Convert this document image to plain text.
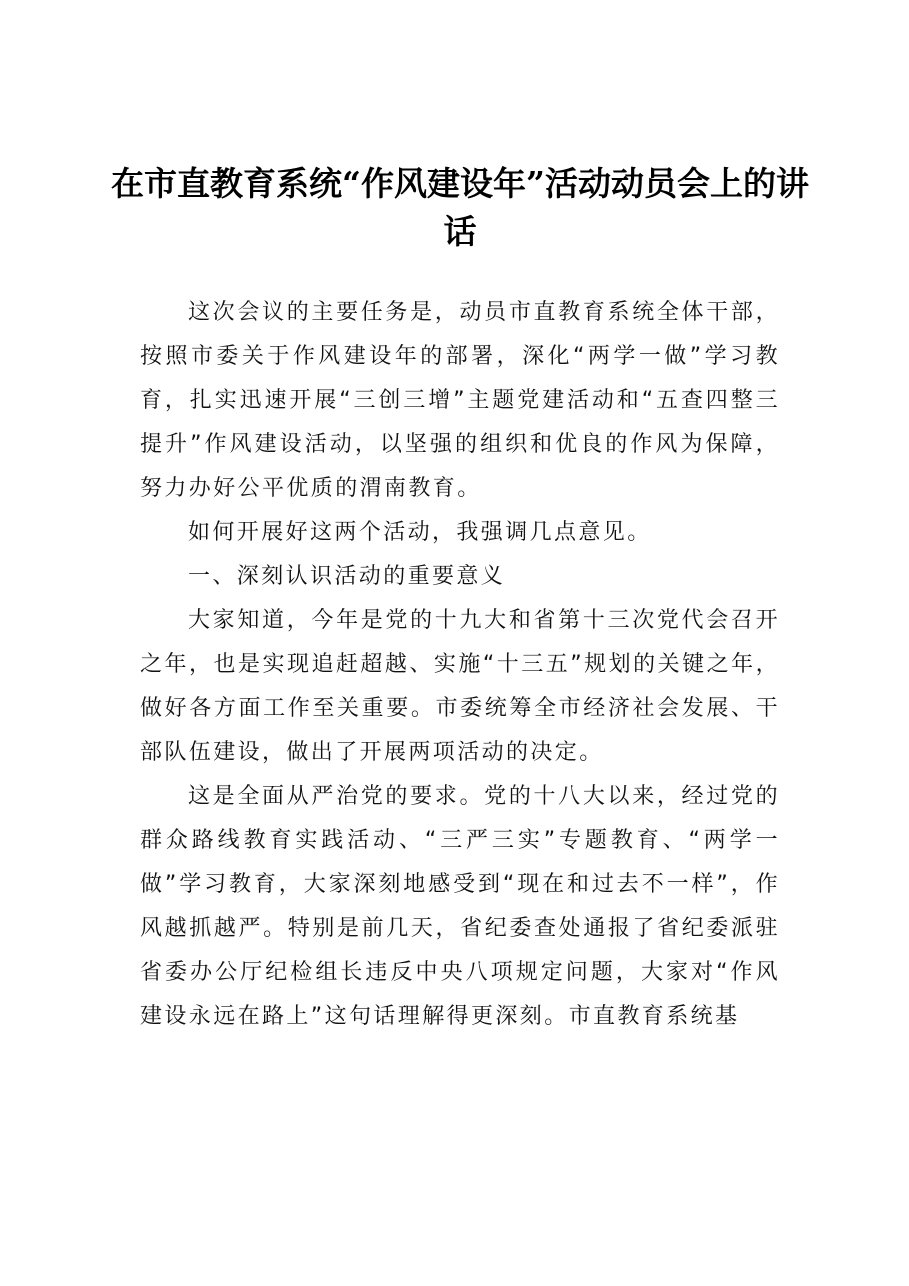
在市直教育系统“作风建设年”活动动员会上的讲话

这次会议的主要任务是，动员市直教育系统全体干部，按照市委关于作风建设年的部署，深化“两学一做”学习教育，扎实迅速开展“三创三增”主题党建活动和“五查四整三提升”作风建设活动，以坚强的组织和优良的作风为保障，努力办好公平优质的渭南教育。

如何开展好这两个活动，我强调几点意见。

一、深刻认识活动的重要意义

大家知道，今年是党的十九大和省第十三次党代会召开之年，也是实现追赶超越、实施“十三五”规划的关键之年，做好各方面工作至关重要。市委统筹全市经济社会发展、干部队伍建设，做出了开展两项活动的决定。

这是全面从严治党的要求。党的十八大以来，经过党的群众路线教育实践活动、“三严三实”专题教育、“两学一做”学习教育，大家深刻地感受到“现在和过去不一样”，作风越抓越严。特别是前几天，省纪委查处通报了省纪委派驻省委办公厅纪检组长违反中央八项规定问题，大家对“作风建设永远在路上”这句话理解得更深刻。市直教育系统基
